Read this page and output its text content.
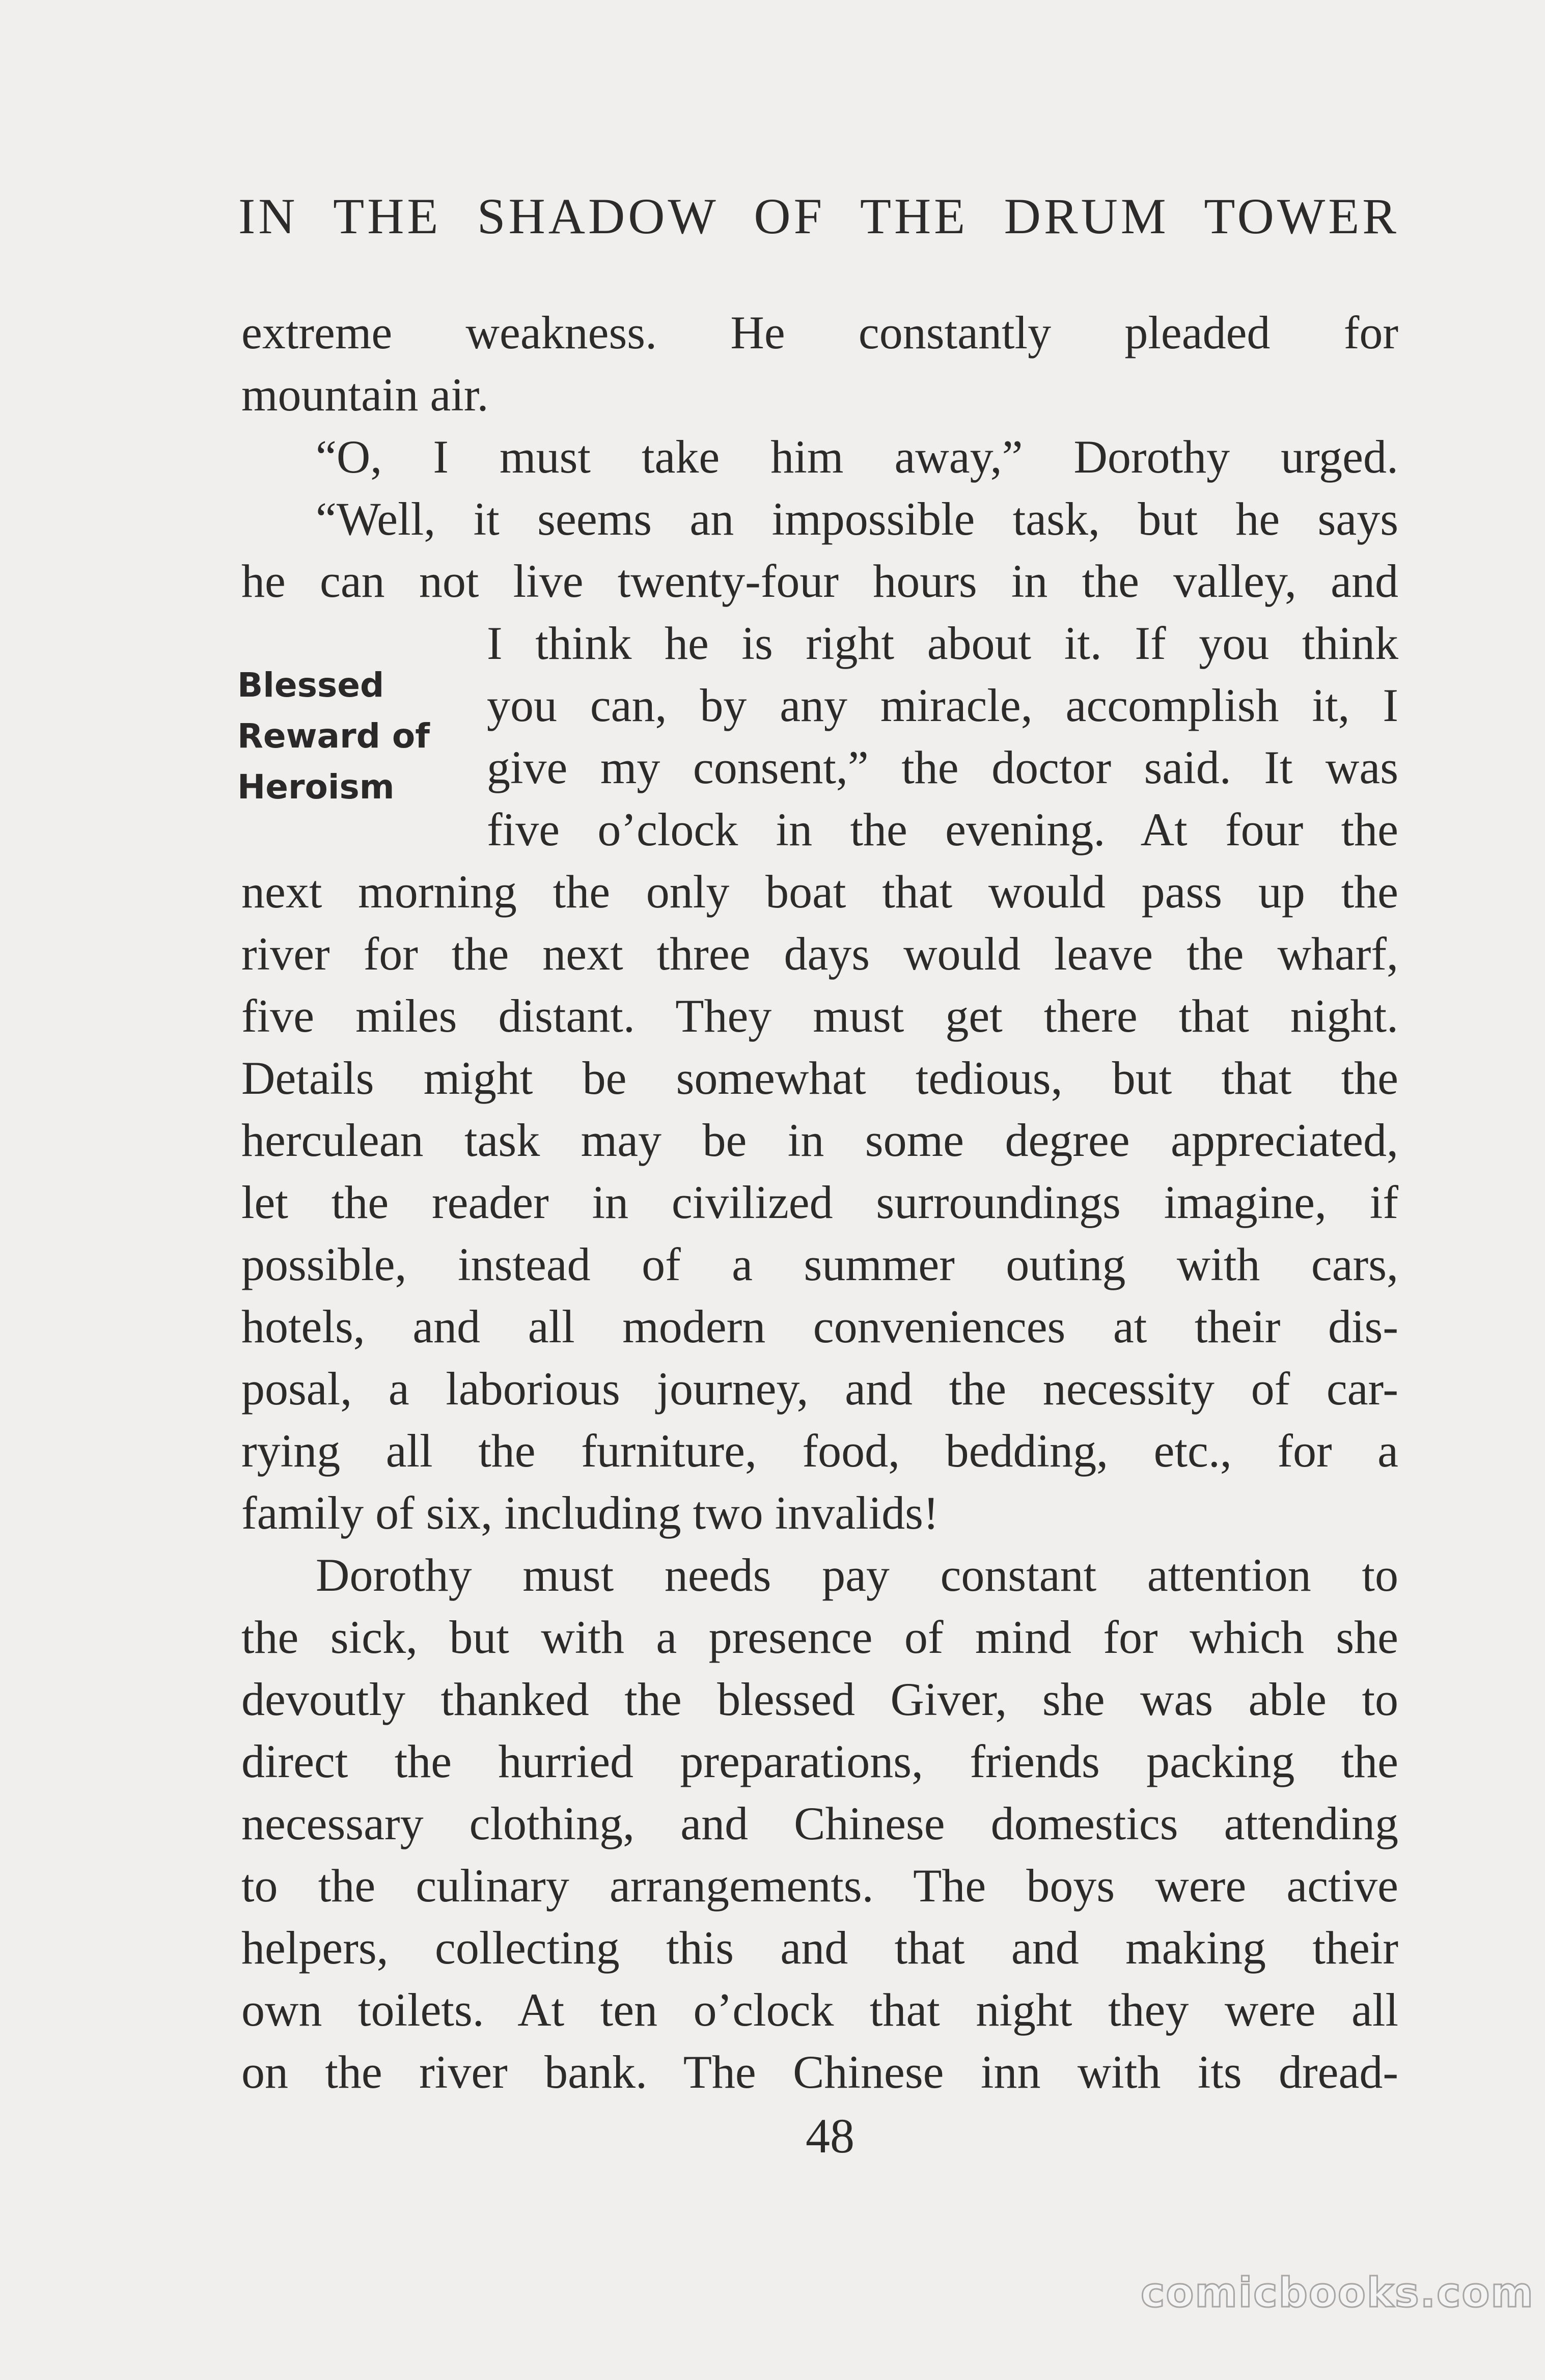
IN THE SHADOW OF THE DRUM TOWER
Blessed
Reward of
Heroism
extreme weakness. He constantly pleaded for
mountain air.
“O, I must take him away,” Dorothy urged.
“Well, it seems an impossible task, but he says
he can not live twenty-four hours in the valley, and
I think he is right about it. If you think
you can, by any miracle, accomplish it, I
give my consent,” the doctor said. It was
five o’clock in the evening. At four the
next morning the only boat that would pass up the
river for the next three days would leave the wharf,
five miles distant. They must get there that night.
Details might be somewhat tedious, but that the
herculean task may be in some degree appreciated,
let the reader in civilized surroundings imagine, if
possible, instead of a summer outing with cars,
hotels, and all modern conveniences at their dis-
posal, a laborious journey, and the necessity of car-
rying all the furniture, food, bedding, etc., for a
family of six, including two invalids!
Dorothy must needs pay constant attention to
the sick, but with a presence of mind for which she
devoutly thanked the blessed Giver, she was able to
direct the hurried preparations, friends packing the
necessary clothing, and Chinese domestics attending
to the culinary arrangements. The boys were active
helpers, collecting this and that and making their
own toilets. At ten o’clock that night they were all
on the river bank. The Chinese inn with its dread-
48
comicbooks.com
